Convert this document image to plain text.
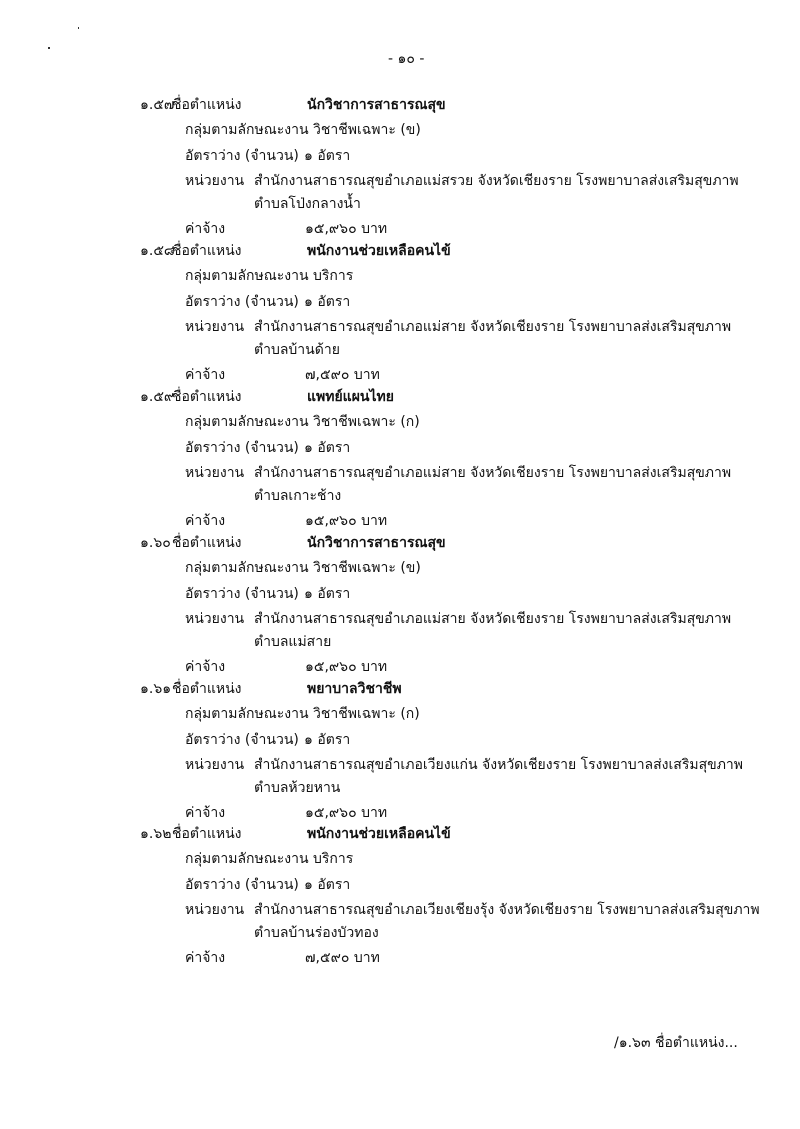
- ๑๐ -
๑.๕๗
ชื่อตำแหน่ง	นักวิชาการสาธารณสุข
กลุ่มตามลักษณะงาน วิชาชีพเฉพาะ (ข)
อัตราว่าง (จำนวน) ๑ อัตรา
หน่วยงาน สำนักงานสาธารณสุขอำเภอแม่สรวย จังหวัดเชียงราย โรงพยาบาลส่งเสริมสุขภาพ
ตำบลโป่งกลางน้ำ
ค่าจ้าง	๑๕,๙๖๐ บาท
๑.๕๘
ชื่อตำแหน่ง	พนักงานช่วยเหลือคนไข้
กลุ่มตามลักษณะงาน บริการ
อัตราว่าง (จำนวน) ๑ อัตรา
หน่วยงาน สำนักงานสาธารณสุขอำเภอแม่สาย จังหวัดเชียงราย โรงพยาบาลส่งเสริมสุขภาพ
ตำบลบ้านด้าย
ค่าจ้าง	๗,๕๙๐ บาท
๑.๕๙
ชื่อตำแหน่ง	แพทย์แผนไทย
กลุ่มตามลักษณะงาน วิชาชีพเฉพาะ (ก)
อัตราว่าง (จำนวน) ๑ อัตรา
หน่วยงาน สำนักงานสาธารณสุขอำเภอแม่สาย จังหวัดเชียงราย โรงพยาบาลส่งเสริมสุขภาพ
ตำบลเกาะช้าง
ค่าจ้าง	๑๕,๙๖๐ บาท
๑.๖๐ ชื่อตำแหน่ง	นักวิชาการสาธารณสุข
กลุ่มตามลักษณะงาน วิชาชีพเฉพาะ (ข)
อัตราว่าง (จำนวน) ๑ อัตรา
หน่วยงาน สำนักงานสาธารณสุขอำเภอแม่สาย จังหวัดเชียงราย โรงพยาบาลส่งเสริมสุขภาพ
ตำบลแม่สาย
ค่าจ้าง	๑๕,๙๖๐ บาท
๑.๖๑ ชื่อตำแหน่ง	พยาบาลวิชาชีพ
กลุ่มตามลักษณะงาน วิชาชีพเฉพาะ (ก)
อัตราว่าง (จำนวน) ๑ อัตรา
หน่วยงาน สำนักงานสาธารณสุขอำเภอเวียงแก่น จังหวัดเชียงราย โรงพยาบาลส่งเสริมสุขภาพ
ตำบลห้วยหาน
ค่าจ้าง	๑๕,๙๖๐ บาท
๑.๖๒ ชื่อตำแหน่ง	พนักงานช่วยเหลือคนไข้
กลุ่มตามลักษณะงาน บริการ
อัตราว่าง (จำนวน) ๑ อัตรา
หน่วยงาน สำนักงานสาธารณสุขอำเภอเวียงเชียงรุ้ง จังหวัดเชียงราย โรงพยาบาลส่งเสริมสุขภาพ
ตำบลบ้านร่องบัวทอง
ค่าจ้าง	๗,๕๙๐ บาท
/๑.๖๓ ชื่อตำแหน่ง...
